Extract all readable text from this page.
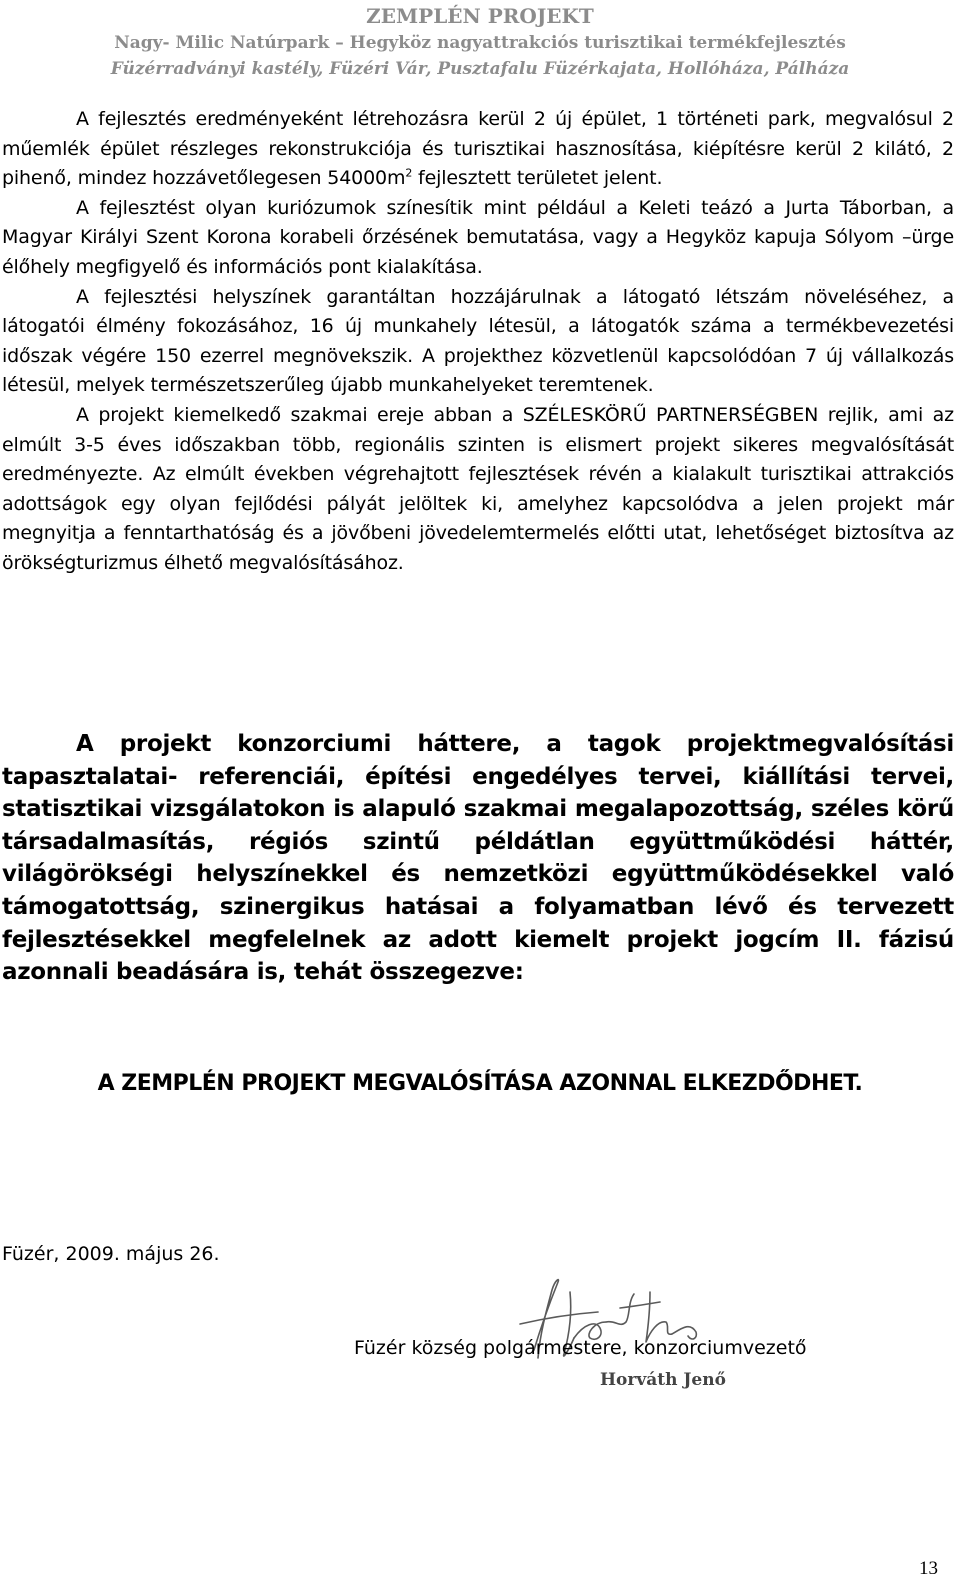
ZEMPLÉN PROJEKT
Nagy- Milic Natúrpark – Hegyköz nagyattrakciós turisztikai termékfejlesztés
Füzérradványi kastély, Füzéri Vár, Pusztafalu Füzérkajata, Hollóháza, Pálháza

A fejlesztés eredményeként létrehozásra kerül 2 új épület, 1 történeti park, megvalósul 2 műemlék épület részleges rekonstrukciója és turisztikai hasznosítása, kiépítésre kerül 2 kilátó, 2 pihenő, mindez hozzávetőlegesen $54000m^2$ fejlesztett területet jelent.

A fejlesztést olyan kuriózumok színesítik mint például a Keleti teázó a Jurta Táborban, a Magyar Királyi Szent Korona korabeli őrzésének bemutatása, vagy a Hegyköz kapuja Sólyom –ürge élőhely megfigyelő és információs pont kialakítása.

A fejlesztési helyszínek garantáltan hozzájárulnak a látogató létszám növeléséhez, a látogatói élmény fokozásához, 16 új munkahely létesül, a látogatók száma a termékbevezetési időszak végére 150 ezerrel megnövekszik. A projekthez közvetlenül kapcsolódóan 7 új vállalkozás létesül, melyek természetszerűleg újabb munkahelyeket teremtenek.

A projekt kiemelkedő szakmai ereje abban a SZÉLESKÖRŰ PARTNERSÉGBEN rejlik, ami az elmúlt 3-5 éves időszakban több, regionális szinten is elismert projekt sikeres megvalósítását eredményezte. Az elmúlt években végrehajtott fejlesztések révén a kialakult turisztikai attrakciós adottságok egy olyan fejlődési pályát jelöltek ki, amelyhez kapcsolódva a jelen projekt már megnyitja a fenntarthatóság és a jövőbeni jövedelemtermelés előtti utat, lehetőséget biztosítva az örökségturizmus élhető megvalósításához.

A projekt konzorciumi háttere, a tagok projektmegvalósítási tapasztalatai- referenciái, építési engedélyes tervei, kiállítási tervei, statisztikai vizsgálatokon is alapuló szakmai megalapozottság, széles körű társadalmasítás, régiós szintű példátlan együttműködési háttér, világörökségi helyszínekkel és nemzetközi együttműködésekkel való támogatottság, szinergikus hatásai a folyamatban lévő és tervezett fejlesztésekkel megfelelnek az adott kiemelt projekt jogcím II. fázisú azonnali beadására is, tehát összegezve:

A ZEMPLÉN PROJEKT MEGVALÓSÍTÁSA AZONNAL ELKEZDŐDHET.
Füzér, 2009. május 26.
Füzér község polgármestere, konzorciumvezető
Horváth Jenő
13
